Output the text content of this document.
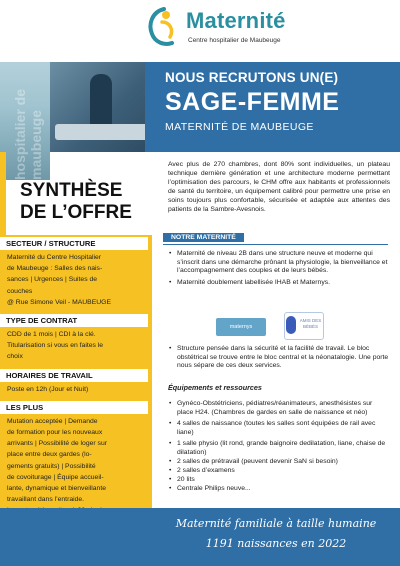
hospitalier de maubeuge
Maternité
Centre hospitalier de Maubeuge
NOUS RECRUTONS UN(E)
SAGE-FEMME
MATERNITÉ DE MAUBEUGE
SYNTHÈSE
DE L’OFFRE
SECTEUR / STRUCTURE
Maternité du Centre Hospitalier
de Maubeuge : Salles des nais-
sances | Urgences | Suites de
couches
@ Rue Simone Veil - MAUBEUGE
TYPE DE CONTRAT
CDD de 1 mois | CDI à la clé.
Titularisation si vous en faites le
choix
HORAIRES DE TRAVAIL
Poste en 12h (Jour et Nuit)
LES PLUS
Mutation acceptée | Demande
de formation pour les nouveaux
arrivants | Possibilité de loger sur
place entre deux gardes (lo-
gements gratuits) | Possibilité
de covoiturage | Équipe accueil-
lante, dynamique et bienveillante
travaillant dans l’entraide.
Avec plus de 270 chambres, dont 80% sont individuelles, un plateau technique dernière génération et une architecture moderne permettant l’optimisation des parcours, le CHM offre aux habitants et professionnels de santé du territoire, un équipement calibré pour permettre une prise en soins toujours plus confortable, sécurisée et adaptée aux attentes des patients de la Sambre-Avesnois.
NOTRE MATERNITÉ
• Maternité de niveau 2B dans une structure neuve et moderne qui s’inscrit dans une démarche prônant la physiologie, la bienveillance et l’accompagnement des couples et de leurs bébés.
• Maternité doublement labellisée IHAB et Maternys.
maternys
AMIS DES BÉBÉS
• Structure pensée dans la sécurité et la facilité de travail. Le bloc obstétrical se trouve entre le bloc central et la néonatalogie. Une porte nous sépare de ces deux services.
Équipements et ressources
• Gynéco-Obstétriciens, pédiatres/réanimateurs, anesthésistes sur place H24. (Chambres de gardes en salle de naissance et néo)
• 4 salles de naissance (toutes les salles sont équipées de rail avec liane)
• 1 salle physio (lit rond, grande baignoire dedilatation, liane, chaise de dilatation)
• 2 salles de prétravail (peuvent devenir SaN si besoin)
• 2 salles d’examens
• 20 lits
• Centrale Philips neuve...
Maternité familiale à taille humaine
1191 naissances en 2022
